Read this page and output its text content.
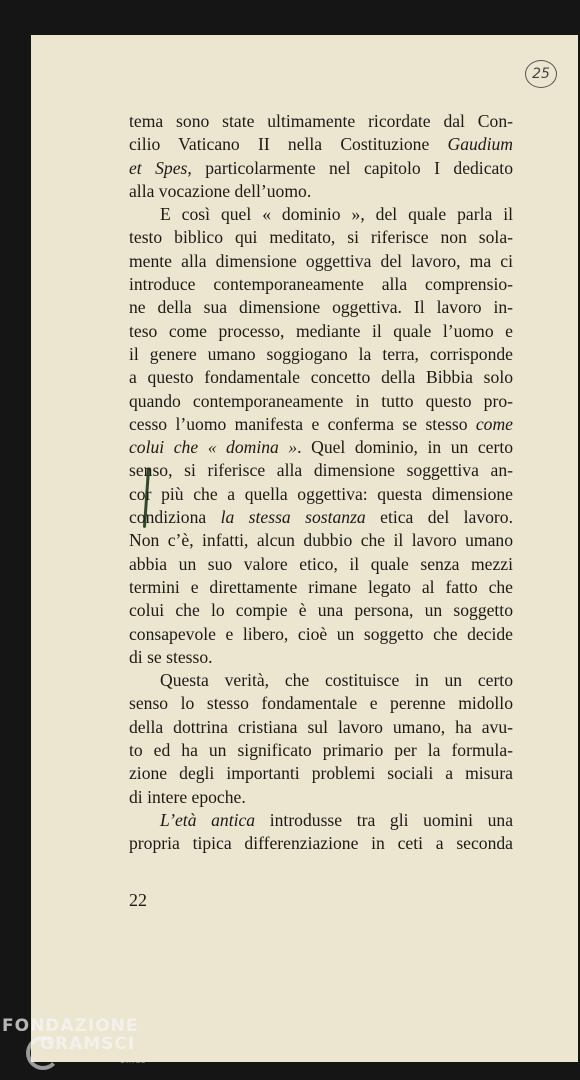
25
tema sono state ultimamente ricordate dal Con-
cilio Vaticano II nella Costituzione Gaudium
et Spes, particolarmente nel capitolo I dedicato
alla vocazione dell’uomo.
E così quel « dominio », del quale parla il
testo biblico qui meditato, si riferisce non sola-
mente alla dimensione oggettiva del lavoro, ma ci
introduce contemporaneamente alla comprensio-
ne della sua dimensione oggettiva. Il lavoro in-
teso come processo, mediante il quale l’uomo e
il genere umano soggiogano la terra, corrisponde
a questo fondamentale concetto della Bibbia solo
quando contemporaneamente in tutto questo pro-
cesso l’uomo manifesta e conferma se stesso come
colui che « domina ». Quel dominio, in un certo
senso, si riferisce alla dimensione soggettiva an-
cor più che a quella oggettiva: questa dimensione
condiziona la stessa sostanza etica del lavoro.
Non c’è, infatti, alcun dubbio che il lavoro umano
abbia un suo valore etico, il quale senza mezzi
termini e direttamente rimane legato al fatto che
colui che lo compie è una persona, un soggetto
consapevole e libero, cioè un soggetto che decide
di se stesso.
Questa verità, che costituisce in un certo
senso lo stesso fondamentale e perenne midollo
della dottrina cristiana sul lavoro umano, ha avu-
to ed ha un significato primario per la formula-
zione degli importanti problemi sociali a misura
di intere epoche.
L’età antica introdusse tra gli uomini una
propria tipica differenziazione in ceti a seconda
22
FONDAZIONE
GRAMSCI
onlus
